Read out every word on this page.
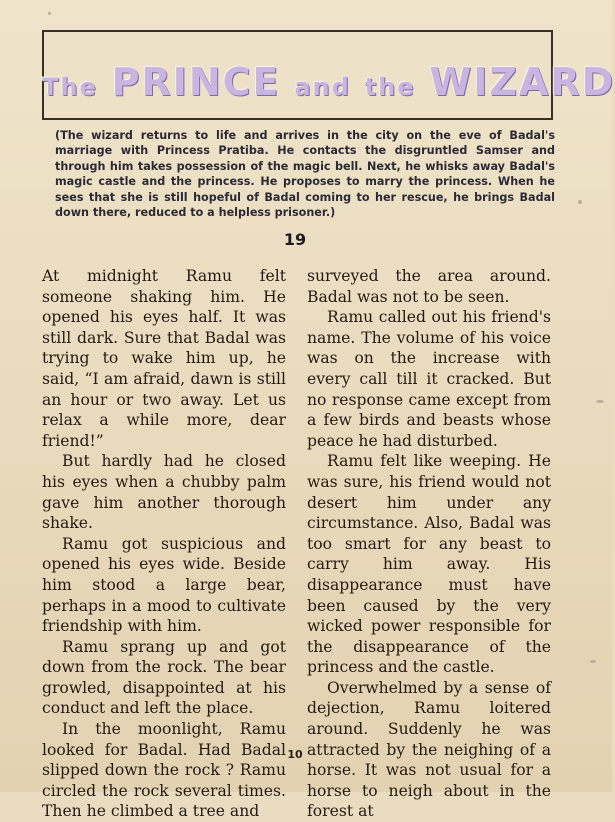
The PRINCE and the WIZARD
(The wizard returns to life and arrives in the city on the eve of Badal's marriage with Princess Pratiba. He contacts the disgruntled Samser and through him takes possession of the magic bell. Next, he whisks away Badal's magic castle and the princess. He proposes to marry the princess. When he sees that she is still hopeful of Badal coming to her rescue, he brings Badal down there, reduced to a helpless prisoner.)
19

At midnight Ramu felt someone shaking him. He opened his eyes half. It was still dark. Sure that Badal was trying to wake him up, he said, “I am afraid, dawn is still an hour or two away. Let us relax a while more, dear friend!”

But hardly had he closed his eyes when a chubby palm gave him another thorough shake.

Ramu got suspicious and opened his eyes wide. Beside him stood a large bear, perhaps in a mood to cultivate friendship with him.

Ramu sprang up and got down from the rock. The bear growled, disappointed at his conduct and left the place.

In the moonlight, Ramu looked for Badal. Had Badal slipped down the rock ? Ramu circled the rock several times. Then he climbed a tree and

surveyed the area around. Badal was not to be seen.

Ramu called out his friend's name. The volume of his voice was on the increase with every call till it cracked. But no response came except from a few birds and beasts whose peace he had disturbed.

Ramu felt like weeping. He was sure, his friend would not desert him under any circumstance. Also, Badal was too smart for any beast to carry him away. His disappearance must have been caused by the very wicked power responsible for the disappearance of the princess and the castle.

Overwhelmed by a sense of dejection, Ramu loitered around. Suddenly he was attracted by the neighing of a horse. It was not usual for a horse to neigh about in the forest at

10
